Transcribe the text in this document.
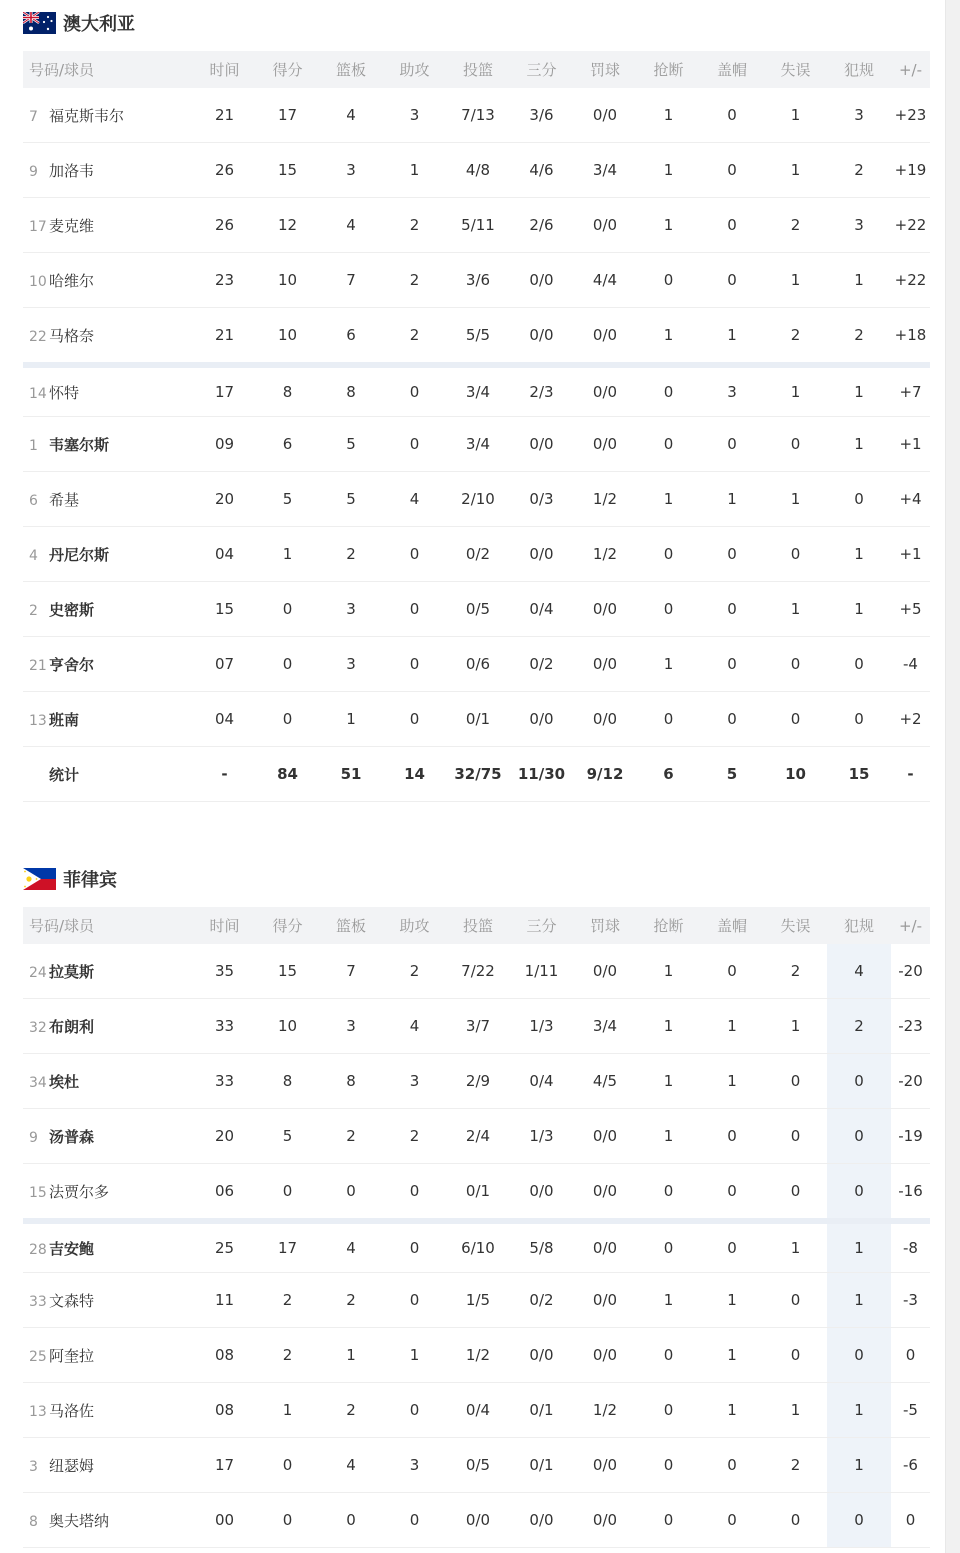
澳大利亚
号码/球员	时间	得分	篮板	助攻	投篮	三分	罚球	抢断	盖帽	失误	犯规	+/-
7 福克斯韦尔	21	17	4	3	7/13	3/6	0/0	1	0	1	3	+23
9 加洛韦	26	15	3	1	4/8	4/6	3/4	1	0	1	2	+19
17 麦克维	26	12	4	2	5/11	2/6	0/0	1	0	2	3	+22
10 哈维尔	23	10	7	2	3/6	0/0	4/4	0	0	1	1	+22
22 马格奈	21	10	6	2	5/5	0/0	0/0	1	1	2	2	+18
14 怀特	17	8	8	0	3/4	2/3	0/0	0	3	1	1	+7
1 韦塞尔斯	09	6	5	0	3/4	0/0	0/0	0	0	0	1	+1
6 希基	20	5	5	4	2/10	0/3	1/2	1	1	1	0	+4
4 丹尼尔斯	04	1	2	0	0/2	0/0	1/2	0	0	0	1	+1
2 史密斯	15	0	3	0	0/5	0/4	0/0	0	0	1	1	+5
21 亨舍尔	07	0	3	0	0/6	0/2	0/0	1	0	0	0	-4
13 班南	04	0	1	0	0/1	0/0	0/0	0	0	0	0	+2
统计	-	84	51	14	32/75	11/30	9/12	6	5	10	15	-
菲律宾
号码/球员	时间	得分	篮板	助攻	投篮	三分	罚球	抢断	盖帽	失误	犯规	+/-
24 拉莫斯	35	15	7	2	7/22	1/11	0/0	1	0	2	4	-20
32 布朗利	33	10	3	4	3/7	1/3	3/4	1	1	1	2	-23
34 埃杜	33	8	8	3	2/9	0/4	4/5	1	1	0	0	-20
9 汤普森	20	5	2	2	2/4	1/3	0/0	1	0	0	0	-19
15 法贾尔多	06	0	0	0	0/1	0/0	0/0	0	0	0	0	-16
28 吉安鲍	25	17	4	0	6/10	5/8	0/0	0	0	1	1	-8
33 文森特	11	2	2	0	1/5	0/2	0/0	1	1	0	1	-3
25 阿奎拉	08	2	1	1	1/2	0/0	0/0	0	1	0	0	0
13 马洛佐	08	1	2	0	0/4	0/1	1/2	0	1	1	1	-5
3 纽瑟姆	17	0	4	3	0/5	0/1	0/0	0	0	2	1	-6
8 奥夫塔纳	00	0	0	0	0/0	0/0	0/0	0	0	0	0	0
